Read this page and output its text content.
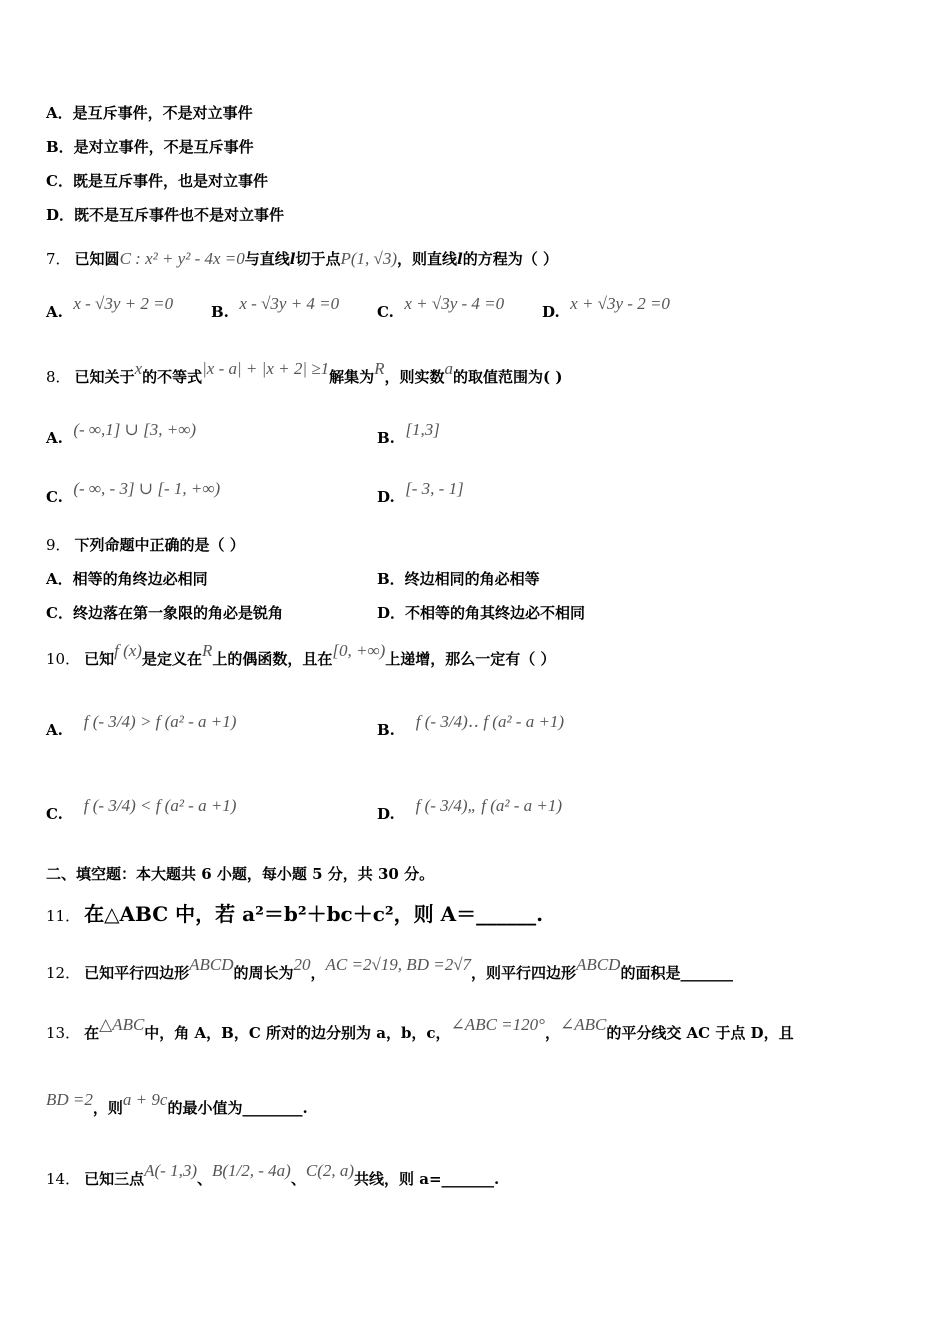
A．是互斥事件，不是对立事件
B．是对立事件，不是互斥事件
C．既是互斥事件，也是对立事件
D．既不是互斥事件也不是对立事件
7． 已知圆C : x² + y² - 4x =0与直线l切于点P(1, √3)，则直线l的方程为（ ）
A. x - √3y + 2 =0	B. x - √3y + 4 =0	C. x + √3y - 4 =0	D. x + √3y - 2 =0
8． 已知关于x的不等式|x - a| + |x + 2| ≥1解集为R，则实数a的取值范围为( )
A. (- ∞,1] ∪ [3, +∞)	B. [1,3]
C. (- ∞, - 3] ∪ [- 1, +∞)	D. [- 3, - 1]
9． 下列命题中正确的是（ ）
A．相等的角终边必相同	B．终边相同的角必相等
C．终边落在第一象限的角必是锐角	D．不相等的角其终边必不相同
10． 已知f (x)是定义在R上的偶函数，且在[0, +∞)上递增，那么一定有（ ）
A. f (- 3/4) > f (a² - a +1)	B. f (- 3/4)‥ f (a² - a +1)
C. f (- 3/4) < f (a² - a +1)	D. f (- 3/4)„ f (a² - a +1)
二、填空题：本大题共 6 小题，每小题 5 分，共 30 分。
11． 在△ABC 中，若 a²＝b²＋bc＋c²，则 A＝______.
12． 已知平行四边形ABCD的周长为20，AC =2√19, BD =2√7，则平行四边形ABCD的面积是_______
13． 在△ABC中，角 A，B，C 所对的边分别为 a，b，c，∠ABC =120°，∠ABC的平分线交 AC 于点 D，且
BD =2，则a + 9c的最小值为________.
14． 已知三点A(- 1,3)、B(1/2, - 4a)、C(2, a)共线，则 a=_______.
